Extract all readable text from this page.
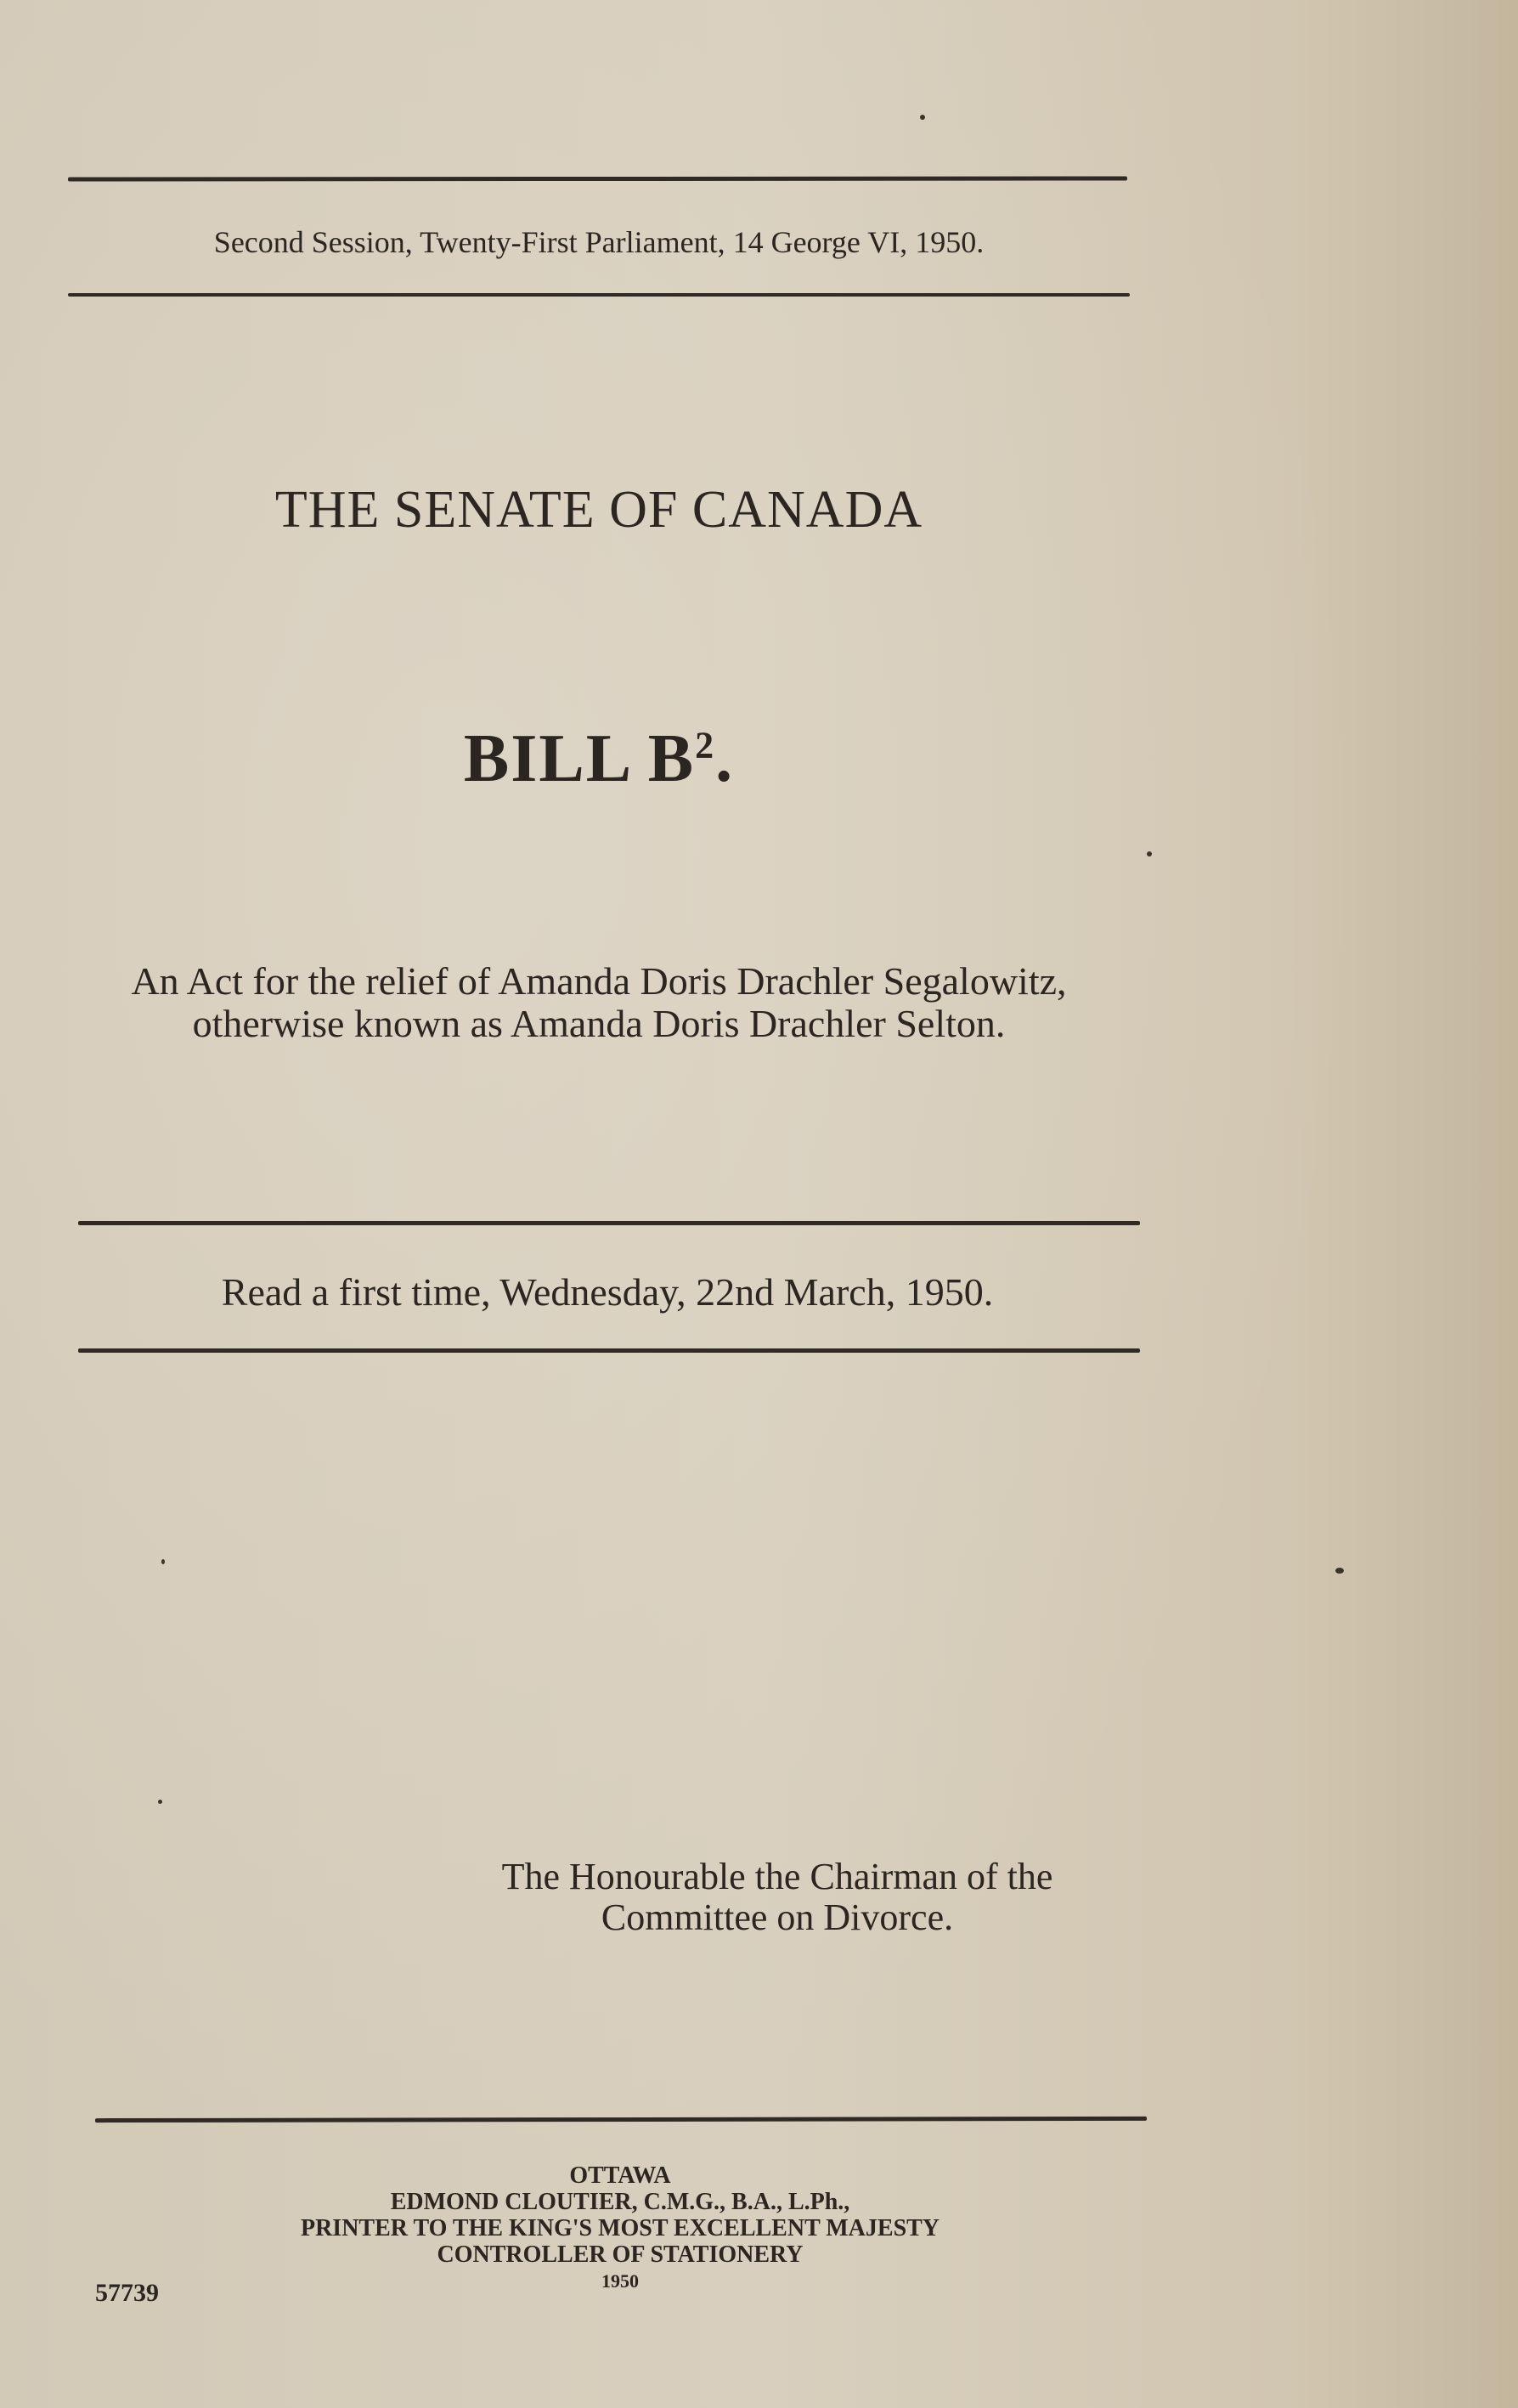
Second Session, Twenty-First Parliament, 14 George VI, 1950.
THE SENATE OF CANADA
BILL $B^2$.
An Act for the relief of Amanda Doris Drachler Segalowitz,
otherwise known as Amanda Doris Drachler Selton.
Read a first time, Wednesday, 22nd March, 1950.
The Honourable the Chairman of the
Committee on Divorce.
OTTAWA
EDMOND CLOUTIER, C.M.G., B.A., L.Ph.,
PRINTER TO THE KING'S MOST EXCELLENT MAJESTY
CONTROLLER OF STATIONERY
1950
57739
